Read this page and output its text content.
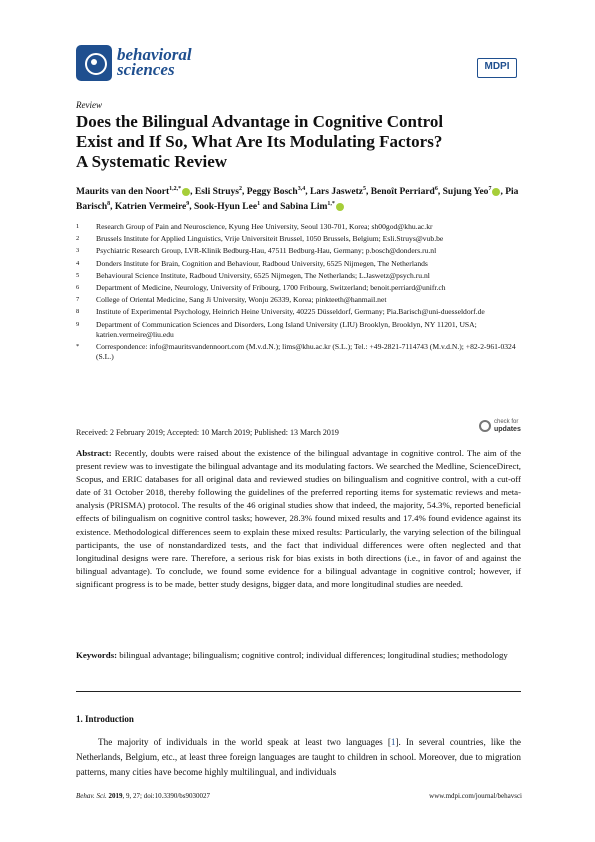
behavioral
sciences	MDPI
Review
Does the Bilingual Advantage in Cognitive Control
Exist and If So, What Are Its Modulating Factors?
A Systematic Review
Maurits van den Noort$^{1,2,*}$ , Esli Struys$^2$, Peggy Bosch$^{3,4}$, Lars Jaswetz$^5$, Benoît Perriard$^6$, Sujung Yeo$^7$ , Pia Barisch$^8$, Katrien Vermeire$^9$, Sook-Hyun Lee$^1$ and Sabina Lim$^{1,*}$
1	Research Group of Pain and Neuroscience, Kyung Hee University, Seoul 130-701, Korea; sh00god@khu.ac.kr
2	Brussels Institute for Applied Linguistics, Vrije Universiteit Brussel, 1050 Brussels, Belgium; Esli.Struys@vub.be
3	Psychiatric Research Group, LVR-Klinik Bedburg-Hau, 47511 Bedburg-Hau, Germany; p.bosch@donders.ru.nl
4	Donders Institute for Brain, Cognition and Behaviour, Radboud University, 6525 Nijmegen, The Netherlands
5	Behavioural Science Institute, Radboud University, 6525 Nijmegen, The Netherlands; L.Jaswetz@psych.ru.nl
6	Department of Medicine, Neurology, University of Fribourg, 1700 Fribourg, Switzerland; benoit.perriard@unifr.ch
7	College of Oriental Medicine, Sang Ji University, Wonju 26339, Korea; pinkteeth@hanmail.net
8	Institute of Experimental Psychology, Heinrich Heine University, 40225 Düsseldorf, Germany; Pia.Barisch@uni-duesseldorf.de
9	Department of Communication Sciences and Disorders, Long Island University (LIU) Brooklyn, Brooklyn, NY 11201, USA; katrien.vermeire@liu.edu
*	Correspondence: info@mauritsvandennoort.com (M.v.d.N.); lims@khu.ac.kr (S.L.); Tel.: +49-2821-7114743 (M.v.d.N.); +82-2-961-0324 (S.L.)
check for
updates
Received: 2 February 2019; Accepted: 10 March 2019; Published: 13 March 2019
Abstract: Recently, doubts were raised about the existence of the bilingual advantage in cognitive control. The aim of the present review was to investigate the bilingual advantage and its modulating factors. We searched the Medline, ScienceDirect, Scopus, and ERIC databases for all original data and reviewed studies on bilingualism and cognitive control, with a cut-off date of 31 October 2018, thereby following the guidelines of the preferred reporting items for systematic reviews and meta-analysis (PRISMA) protocol. The results of the 46 original studies show that indeed, the majority, 54.3%, reported beneficial effects of bilingualism on cognitive control tasks; however, 28.3% found mixed results and 17.4% found evidence against its existence. Methodological differences seem to explain these mixed results: Particularly, the varying selection of the bilingual participants, the use of nonstandardized tests, and the fact that individual differences were often neglected and that longitudinal designs were rare. Therefore, a serious risk for bias exists in both directions (i.e., in favor of and against the bilingual advantage). To conclude, we found some evidence for a bilingual advantage in cognitive control; however, if significant progress is to be made, better study designs, bigger data, and more longitudinal studies are needed.
Keywords: bilingual advantage; bilingualism; cognitive control; individual differences; longitudinal studies; methodology
1. Introduction
The majority of individuals in the world speak at least two languages [1]. In several countries, like the Netherlands, Belgium, etc., at least three foreign languages are taught to children in school. Moreover, due to migration patterns, many cities have become highly multilingual, and individuals
Behav. Sci. 2019, 9, 27; doi:10.3390/bs9030027	www.mdpi.com/journal/behavsci
